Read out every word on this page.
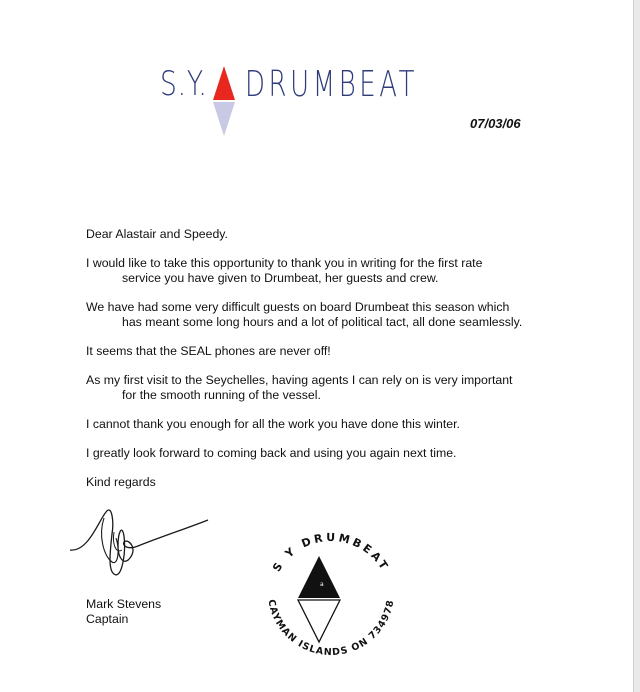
S.Y. DRUMBEAT
07/03/06

Dear Alastair and Speedy.

I would like to take this opportunity to thank you in writing for the first rate
service you have given to Drumbeat, her guests and crew.

We have had some very difficult guests on board Drumbeat this season which
has meant some long hours and a lot of political tact, all done seamlessly.

It seems that the SEAL phones are never off!

As my first visit to the Seychelles, having agents I can rely on is very important
for the smooth running of the vessel.

I cannot thank you enough for all the work you have done this winter.

I greatly look forward to coming back and using you again next time.

Kind regards

Mark Stevens
Captain
S Y DRUMBEAT
CAYMAN ISLANDS ON 734978
a
